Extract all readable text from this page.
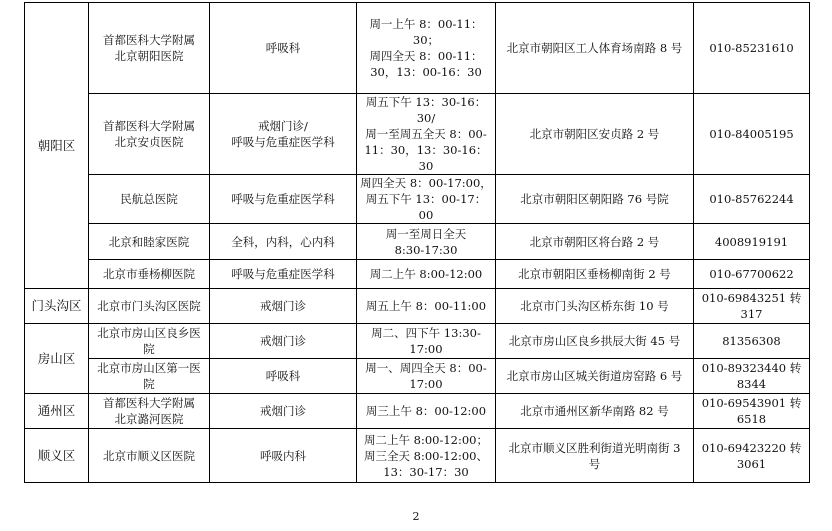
朝阳区	首都医科大学附属
北京朝阳医院	呼吸科	周一上午 8：00-11：
30；
周四全天 8：00-11：
30，13：00-16：30	北京市朝阳区工人体育场南路 8 号	010-85231610
	首都医科大学附属
北京安贞医院	戒烟门诊/
呼吸与危重症医学科	周五下午 13：30-16：
30/
周一至周五全天 8：00-
11：30，13：30-16：30	北京市朝阳区安贞路 2 号	010-84005195
	民航总医院	呼吸与危重症医学科	周四全天 8：00-17:00，
周五下午 13：00-17：00	北京市朝阳区朝阳路 76 号院	010-85762244
	北京和睦家医院	全科，内科，心内科	周一至周日全天
8:30-17:30	北京市朝阳区将台路 2 号	4008919191
	北京市垂杨柳医院	呼吸与危重症医学科	周二上午 8:00-12:00	北京市朝阳区垂杨柳南街 2 号	010-67700622
门头沟区	北京市门头沟区医院	戒烟门诊	周五上午 8：00-11:00	北京市门头沟区桥东街 10 号	010-69843251 转
317
房山区	北京市房山区良乡医
院	戒烟门诊	周二、四下午 13:30-
17:00	北京市房山区良乡拱辰大街 45 号	81356308
	北京市房山区第一医
院	呼吸科	周一、周四全天 8：00-
17:00	北京市房山区城关街道房窑路 6 号	010-89323440 转
8344
通州区	首都医科大学附属
北京潞河医院	戒烟门诊	周三上午 8：00-12:00	北京市通州区新华南路 82 号	010-69543901 转
6518
顺义区	北京市顺义区医院	呼吸内科	周二上午 8:00-12:00；
周三全天 8:00-12:00、
13：30-17：30	北京市顺义区胜利街道光明南街 3
号	010-69423220 转
3061
2
